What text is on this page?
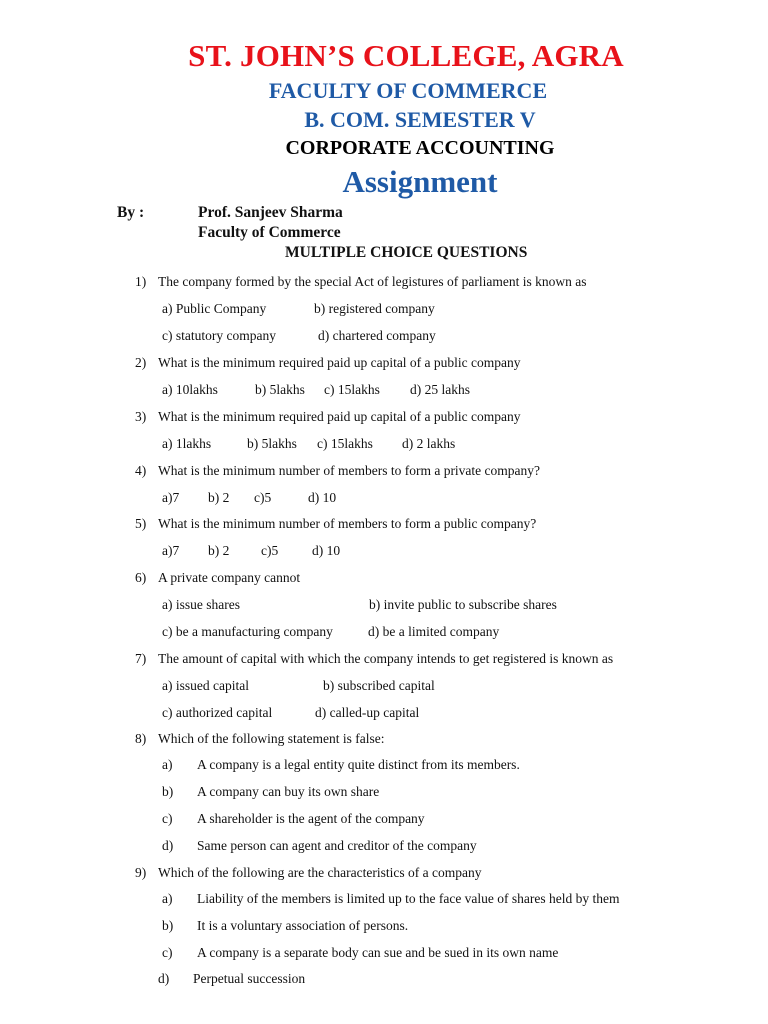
ST. JOHN’S COLLEGE, AGRA
FACULTY OF COMMERCE
B. COM. SEMESTER V
CORPORATE ACCOUNTING
Assignment
By :	Prof. Sanjeev Sharma
Faculty of Commerce
MULTIPLE CHOICE QUESTIONS
1) The company formed by the special Act of legistures of parliament is known as
a) Public Company	b) registered company
c) statutory company	d) chartered company
2) What is the minimum required paid up capital of a public company
a) 10lakhs	b) 5lakhs c) 15lakhs d) 25 lakhs
3) What is the minimum required paid up capital of a public company
a) 1lakhs	b) 5lakhs c) 15lakhs d) 2 lakhs
4) What is the minimum number of members to form a private company?
a)7 b) 2 c)5	d) 10
5) What is the minimum number of members to form a public company?
a)7 b) 2 c)5	d) 10
6) A private company cannot
a) issue shares	b) invite public to subscribe shares
c) be a manufacturing company	d) be a limited company
7) The amount of capital with which the company intends to get registered is known as
a) issued capital	b) subscribed capital
c) authorized capital	d) called-up capital
8) Which of the following statement is false:
a) A company is a legal entity quite distinct from its members.
b) A company can buy its own share
c) A shareholder is the agent of the company
d) Same person can agent and creditor of the company
9) Which of the following are the characteristics of a company
a) Liability of the members is limited up to the face value of shares held by them
b) It is a voluntary association of persons.
c) A company is a separate body can sue and be sued in its own name
d) Perpetual succession
